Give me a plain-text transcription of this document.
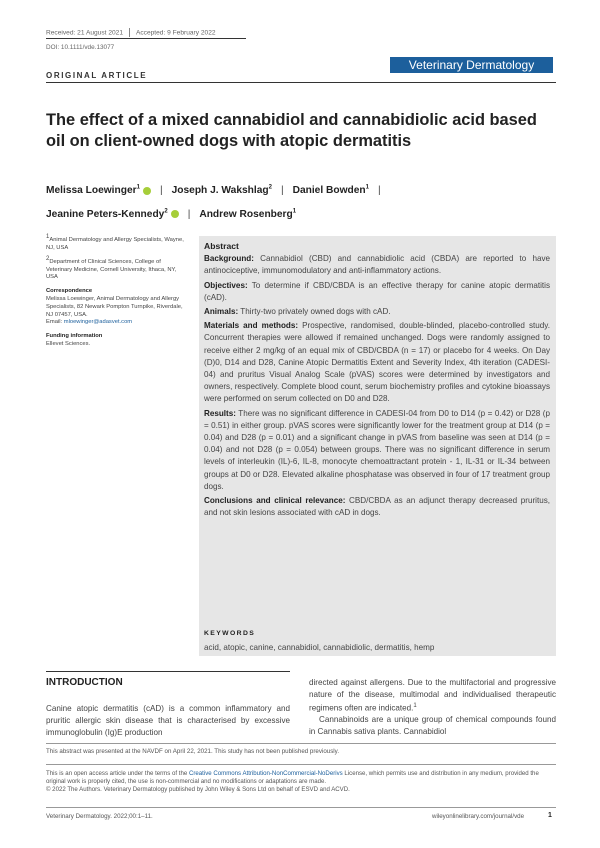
Received: 21 August 2021 Accepted: 9 February 2022
DOI: 10.1111/vde.13077
ORIGINAL ARTICLE
Veterinary Dermatology
The effect of a mixed cannabidiol and cannabidiolic acid based oil on client-owned dogs with atopic dermatitis
Melissa Loewinger$^1$ | Joseph J. Wakshlag$^2$ | Daniel Bowden$^1$ |
Jeanine Peters-Kennedy$^2$ | Andrew Rosenberg$^1$

$^1$Animal Dermatology and Allergy Specialists, Wayne, NJ, USA

$^2$Department of Clinical Sciences, College of Veterinary Medicine, Cornell University, Ithaca, NY, USA

Correspondence

Melissa Loewinger, Animal Dermatology and Allergy Specialists, 82 Newark Pompton Turnpike, Riverdale, NJ 07457, USA.
Email: mloewinger@adasvet.com

Funding information

Ellevet Sciences.

Abstract

Background: Cannabidiol (CBD) and cannabidiolic acid (CBDA) are reported to have antinociceptive, immunomodulatory and anti-inflammatory actions.

Objectives: To determine if CBD/CBDA is an effective therapy for canine atopic dermatitis (cAD).

Animals: Thirty-two privately owned dogs with cAD.

Materials and methods: Prospective, randomised, double-blinded, placebo-controlled study. Concurrent therapies were allowed if remained unchanged. Dogs were randomly assigned to receive either 2 mg/kg of an equal mix of CBD/CBDA (n = 17) or placebo for 4 weeks. On Day (D)0, D14 and D28, Canine Atopic Dermatitis Extent and Severity Index, 4th iteration (CADESI-04) and pruritus Visual Analog Scale (pVAS) scores were determined by investigators and owners, respectively. Complete blood count, serum biochemistry profiles and cytokine bioassays were performed on serum collected on D0 and D28.

Results: There was no significant difference in CADESI-04 from D0 to D14 (p = 0.42) or D28 (p = 0.51) in either group. pVAS scores were significantly lower for the treatment group at D14 (p = 0.04) and D28 (p = 0.01) and a significant change in pVAS from baseline was seen at D14 (p = 0.04) and not D28 (p = 0.054) between groups. There was no significant difference in serum levels of interleukin (IL)-6, IL-8, monocyte chemoattractant protein - 1, IL-31 or IL-34 between groups at D0 or D28. Elevated alkaline phosphatase was observed in four of 17 treatment group dogs.

Conclusions and clinical relevance: CBD/CBDA as an adjunct therapy decreased pruritus, and not skin lesions associated with cAD in dogs.

KEYWORDS
acid, atopic, canine, cannabidiol, cannabidiolic, dermatitis, hemp
INTRODUCTION
Canine atopic dermatitis (cAD) is a common inflammatory and pruritic allergic skin disease that is characterised by excessive immunoglobulin (Ig)E production
directed against allergens. Due to the multifactorial and progressive nature of the disease, multimodal and individualised therapeutic regimens often are indicated.$^1$
Cannabinoids are a unique group of chemical compounds found in Cannabis sativa plants. Cannabidiol
This abstract was presented at the NAVDF on April 22, 2021. This study has not been published previously.
This is an open access article under the terms of the Creative Commons Attribution-NonCommercial-NoDerivs License, which permits use and distribution in any medium, provided the original work is properly cited, the use is non-commercial and no modifications or adaptations are made.
© 2022 The Authors. Veterinary Dermatology published by John Wiley & Sons Ltd on behalf of ESVD and ACVD.
Veterinary Dermatology. 2022;00:1–11.	wileyonlinelibrary.com/journal/vde	1
